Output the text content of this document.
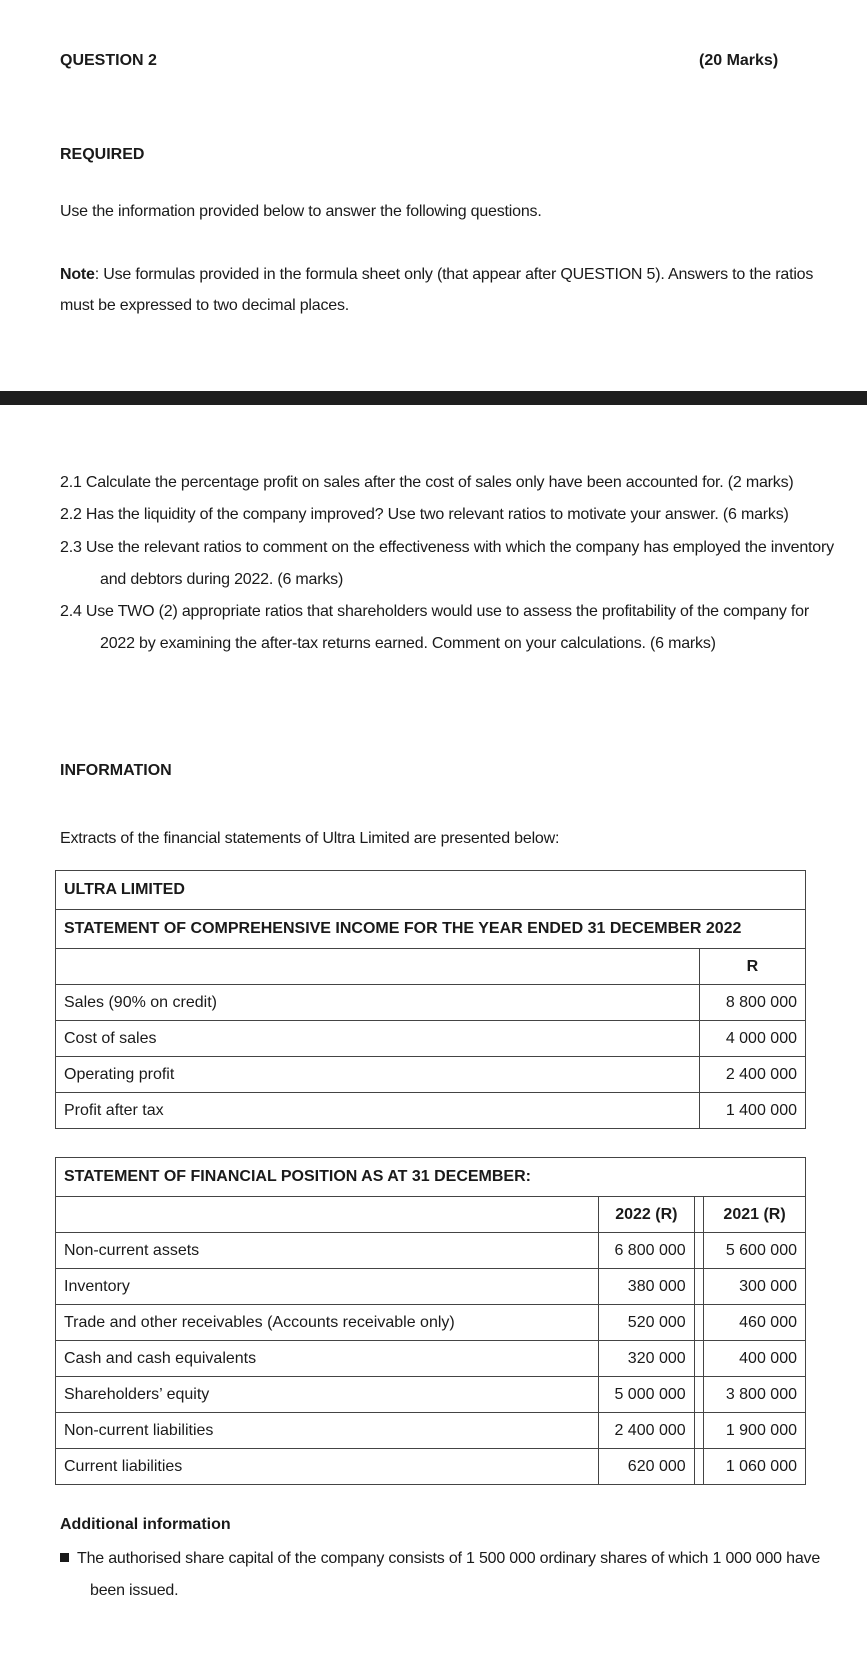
QUESTION 2	(20 Marks)
REQUIRED
Use the information provided below to answer the following questions.
Note: Use formulas provided in the formula sheet only (that appear after QUESTION 5). Answers to the ratios
must be expressed to two decimal places.
2.1 Calculate the percentage profit on sales after the cost of sales only have been accounted for. (2 marks)
2.2 Has the liquidity of the company improved? Use two relevant ratios to motivate your answer. (6 marks)
2.3 Use the relevant ratios to comment on the effectiveness with which the company has employed the inventory
and debtors during 2022. (6 marks)
2.4 Use TWO (2) appropriate ratios that shareholders would use to assess the profitability of the company for
2022 by examining the after-tax returns earned. Comment on your calculations. (6 marks)
INFORMATION
Extracts of the financial statements of Ultra Limited are presented below:
ULTRA LIMITED	
STATEMENT OF COMPREHENSIVE INCOME FOR THE YEAR ENDED 31 DECEMBER 2022	
	R
Sales (90% on credit)	8 800 000
Cost of sales	4 000 000
Operating profit	2 400 000
Profit after tax	1 400 000
STATEMENT OF FINANCIAL POSITION AS AT 31 DECEMBER:			
	2022 (R)		2021 (R)
Non-current assets	6 800 000		5 600 000
Inventory	380 000		300 000
Trade and other receivables (Accounts receivable only)	520 000		460 000
Cash and cash equivalents	320 000		400 000
Shareholders’ equity	5 000 000		3 800 000
Non-current liabilities	2 400 000		1 900 000
Current liabilities	620 000		1 060 000
Additional information
The authorised share capital of the company consists of 1 500 000 ordinary shares of which 1 000 000 have
been issued.
